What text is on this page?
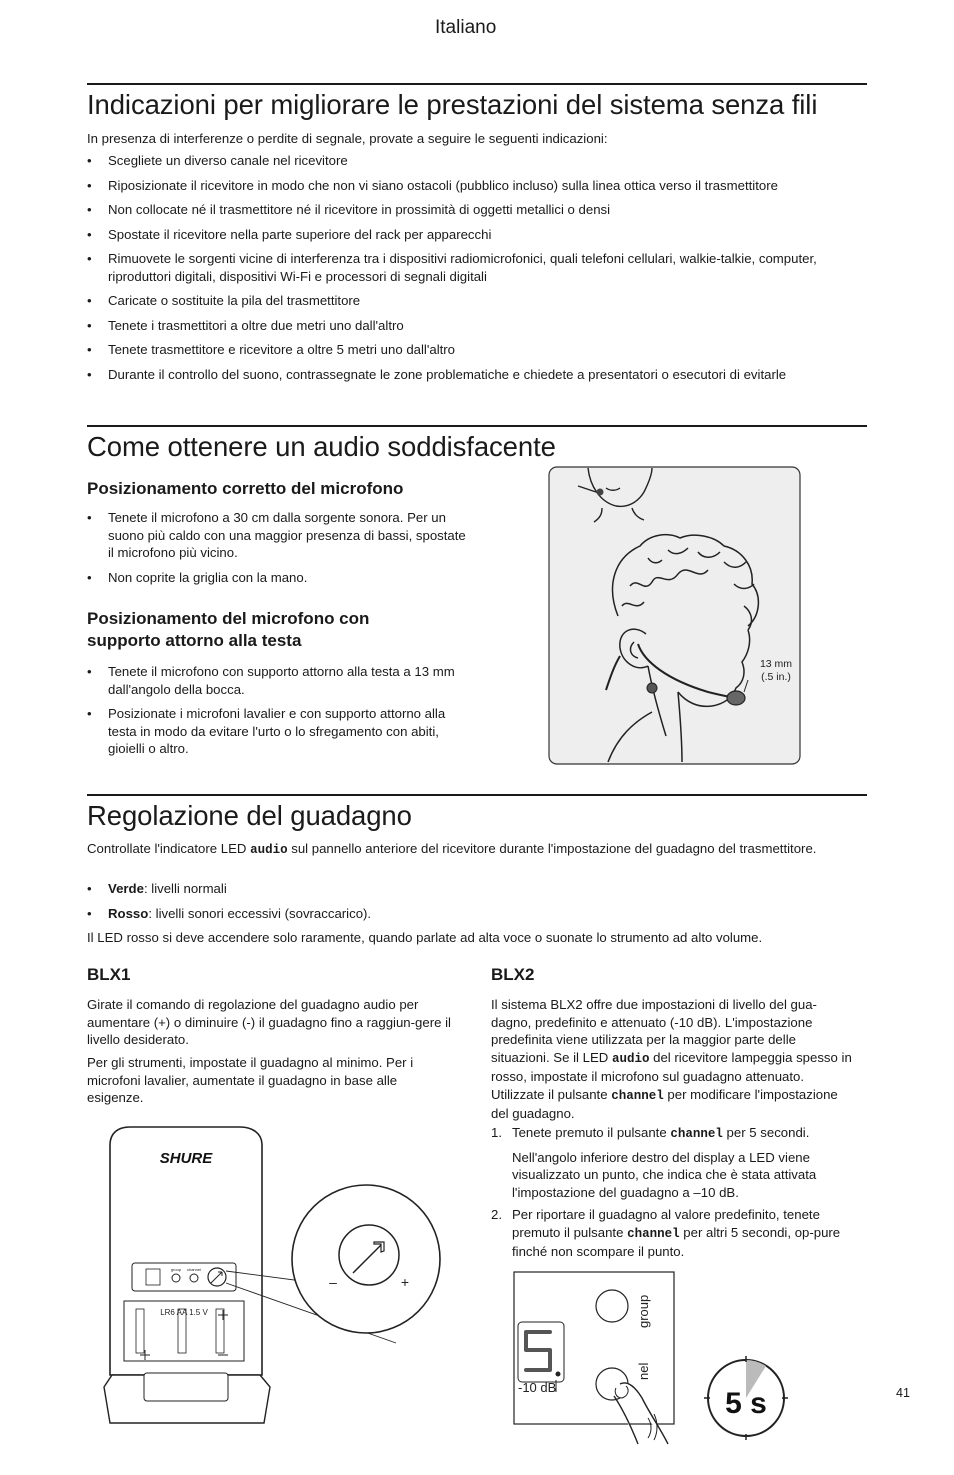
Italiano
Indicazioni per migliorare le prestazioni del sistema senza fili

In presenza di interferenze o perdite di segnale, provate a seguire le seguenti indicazioni:

• Scegliete un diverso canale nel ricevitore
• Riposizionate il ricevitore in modo che non vi siano ostacoli (pubblico incluso) sulla linea ottica verso il trasmettitore
• Non collocate né il trasmettitore né il ricevitore in prossimità di oggetti metallici o densi
• Spostate il ricevitore nella parte superiore del rack per apparecchi
• Rimuovete le sorgenti vicine di interferenza tra i dispositivi radiomicrofonici, quali telefoni cellulari, walkie-talkie, computer, riproduttori digitali, dispositivi Wi-Fi e processori di segnali digitali
• Caricate o sostituite la pila del trasmettitore
• Tenete i trasmettitori a oltre due metri uno dall'altro
• Tenete trasmettitore e ricevitore a oltre 5 metri uno dall'altro
• Durante il controllo del suono, contrassegnate le zone problematiche e chiedete a presentatori o esecutori di evitarle
Come ottenere un audio soddisfacente
Posizionamento corretto del microfono
• Tenete il microfono a 30 cm dalla sorgente sonora. Per un suono più caldo con una maggior presenza di bassi, spostate il microfono più vicino.
• Non coprite la griglia con la mano.
Posizionamento del microfono con supporto attorno alla testa
• Tenete il microfono con supporto attorno alla testa a 13 mm dall'angolo della bocca.
• Posizionate i microfoni lavalier e con supporto attorno alla testa in modo da evitare l'urto o lo sfregamento con abiti, gioielli o altro.
13 mm
(.5 in.)
Regolazione del guadagno

Controllate l'indicatore LED audio sul pannello anteriore del ricevitore durante l'impostazione del guadagno del trasmettitore.

• Verde: livelli normali
• Rosso: livelli sonori eccessivi (sovraccarico).

Il LED rosso si deve accendere solo raramente, quando parlate ad alta voce o suonate lo strumento ad alto volume.

BLX1

Girate il comando di regolazione del guadagno audio per aumentare (+) o diminuire (-) il guadagno fino a raggiun-gere il livello desiderato.

Per gli strumenti, impostate il guadagno al minimo. Per i microfoni lavalier, aumentate il guadagno in base alle esigenze.

SHURE
group channel
LR6 AA 1.5 V
–	+
BLX2

Il sistema BLX2 offre due impostazioni di livello del gua-dagno, predefinito e attenuato (-10 dB). L'impostazione predefinita viene utilizzata per la maggior parte delle situazioni. Se il LED audio del ricevitore lampeggia spesso in rosso, impostate il microfono sul guadagno attenuato. Utilizzate il pulsante channel per modificare l'impostazione del guadagno.

1. Tenete premuto il pulsante channel per 5 secondi.
Nell'angolo inferiore destro del display a LED viene visualizzato un punto, che indica che è stata attivata l'impostazione del guadagno a –10 dB.
2. Per riportare il guadagno al valore predefinito, tenete premuto il pulsante channel per altri 5 secondi, op-pure finché non scompare il punto.
-10 dB
group
nel
5 s	41
